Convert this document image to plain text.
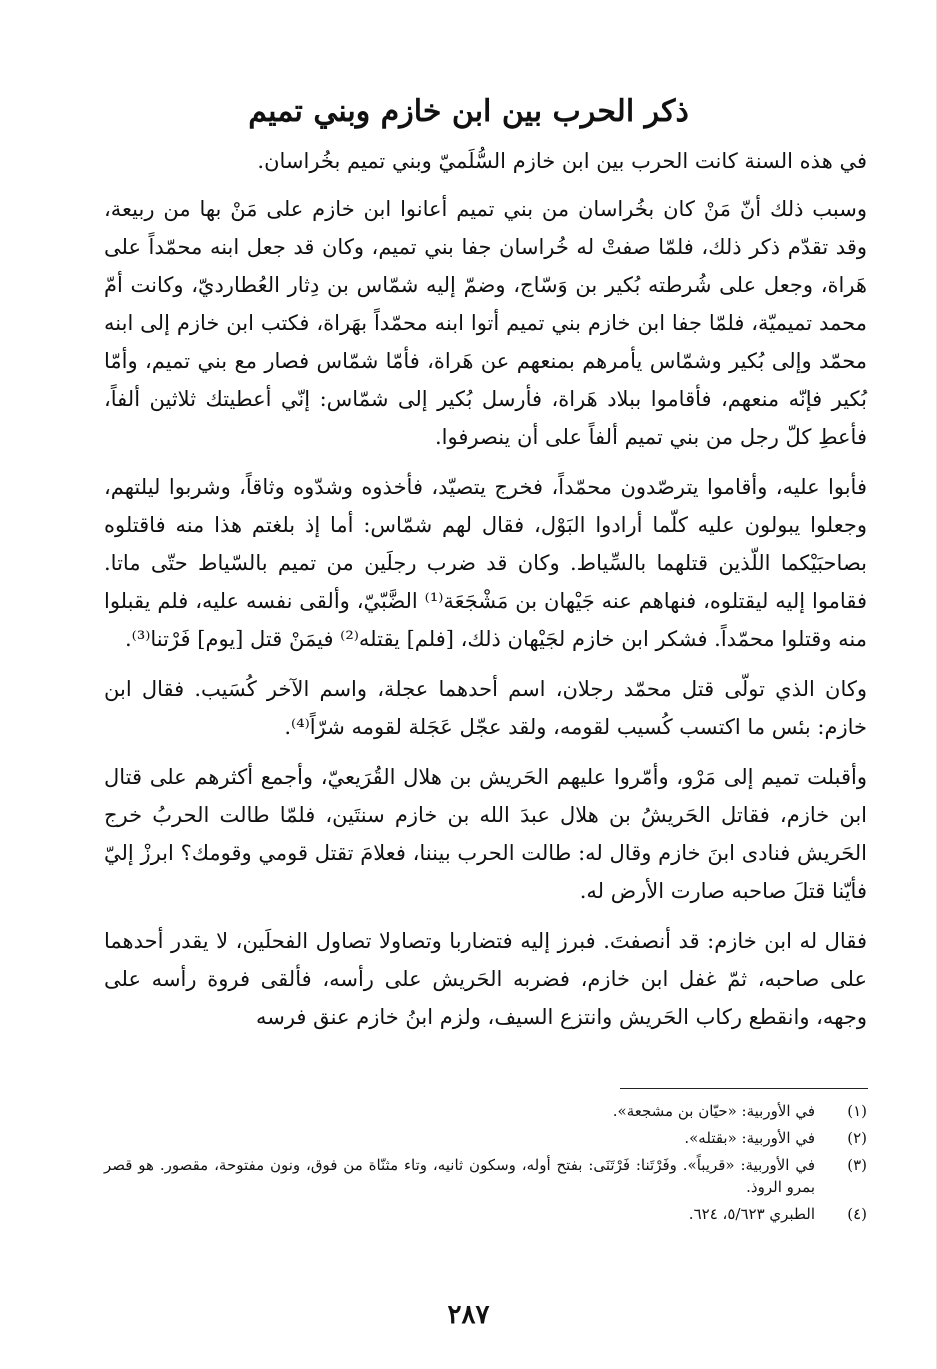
ذكر الحرب بين ابن خازم وبني تميم

في هذه السنة كانت الحرب بين ابن خازم السُّلَميّ وبني تميم بخُراسان.

وسبب ذلك أنّ مَنْ كان بخُراسان من بني تميم أعانوا ابن خازم على مَنْ بها من ربيعة، وقد تقدّم ذكر ذلك، فلمّا صفتْ له خُراسان جفا بني تميم، وكان قد جعل ابنه محمّداً على هَراة، وجعل على شُرطته بُكير بن وَسّاج، وضمّ إليه شمّاس بن دِثار العُطارديّ، وكانت أمّ محمد تميميّة، فلمّا جفا ابن خازم بني تميم أتوا ابنه محمّداً بهَراة، فكتب ابن خازم إلى ابنه محمّد وإلى بُكير وشمّاس يأمرهم بمنعهم عن هَراة، فأمّا شمّاس فصار مع بني تميم، وأمّا بُكير فإنّه منعهم، فأقاموا ببلاد هَراة، فأرسل بُكير إلى شمّاس: إنّي أعطيتك ثلاثين ألفاً، فأعطِ كلّ رجل من بني تميم ألفاً على أن ينصرفوا.

فأبوا عليه، وأقاموا يترصّدون محمّداً، فخرج يتصيّد، فأخذوه وشدّوه وثاقاً، وشربوا ليلتهم، وجعلوا يبولون عليه كلّما أرادوا البَوْل، فقال لهم شمّاس: أما إذ بلغتم هذا منه فاقتلوه بصاحبَيْكما اللّذين قتلهما بالسِّياط. وكان قد ضرب رجلَين من تميم بالسّياط حتّى ماتا. فقاموا إليه ليقتلوه، فنهاهم عنه جَيْهان بن مَشْجَعَة⁽¹⁾ الضَّبّيّ، وألقى نفسه عليه، فلم يقبلوا منه وقتلوا محمّداً. فشكر ابن خازم لجَيْهان ذلك، [فلم] يقتله⁽²⁾ فيمَنْ قتل [يوم] فَرْتنا⁽³⁾.

وكان الذي تولّى قتل محمّد رجلان، اسم أحدهما عجلة، واسم الآخر كُسَيب. فقال ابن خازم: بئس ما اكتسب كُسيب لقومه، ولقد عجّل عَجَلة لقومه شرّاً⁽⁴⁾.

وأقبلت تميم إلى مَرْو، وأمّروا عليهم الحَريش بن هلال القُرَيعيّ، وأجمع أكثرهم على قتال ابن خازم، فقاتل الحَريشُ بن هلال عبدَ الله بن خازم سنتَين، فلمّا طالت الحربُ خرج الحَريش فنادى ابنَ خازم وقال له: طالت الحرب بيننا، فعلامَ تقتل قومي وقومك؟ ابرزْ إليّ فأيّنا قتلَ صاحبه صارت الأرض له.

فقال له ابن خازم: قد أنصفتَ. فبرز إليه فتضاربا وتصاولا تصاول الفحلَين، لا يقدر أحدهما على صاحبه، ثمّ غفل ابن خازم، فضربه الحَريش على رأسه، فألقى فروة رأسه على وجهه، وانقطع ركاب الحَريش وانتزع السيف، ولزم ابنُ خازم عنق فرسه

(١)
في الأوربية: «حيّان بن مشجعة».
(٢)
في الأوربية: «بقتله».
(٣)
في الأوربية: «قريباً». وفَرْتَنا: فَرْتَنَى: بفتح أوله، وسكون ثانيه، وتاء مثنّاة من فوق، ونون مفتوحة، مقصور. هو قصر بمرو الروذ.
(٤)
الطبري ٥/٦٢٣، ٦٢٤.
٢٨٧
